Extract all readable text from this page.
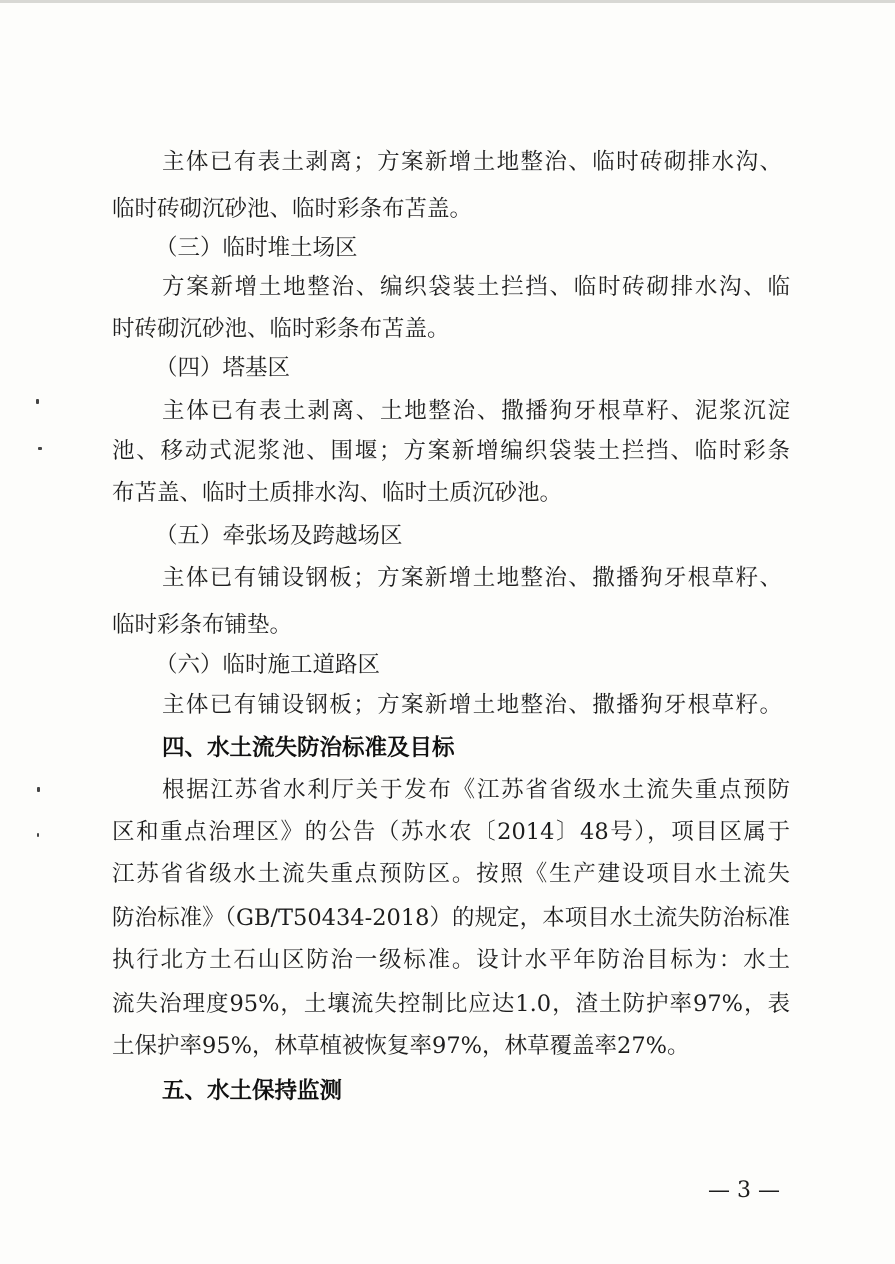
主体已有表土剥离；方案新增土地整治、临时砖砌排水沟、
临时砖砌沉砂池、临时彩条布苫盖。
（三）临时堆土场区
方案新增土地整治、编织袋装土拦挡、临时砖砌排水沟、临
时砖砌沉砂池、临时彩条布苫盖。
（四）塔基区
主体已有表土剥离、土地整治、撒播狗牙根草籽、泥浆沉淀
池、移动式泥浆池、围堰；方案新增编织袋装土拦挡、临时彩条
布苫盖、临时土质排水沟、临时土质沉砂池。
（五）牵张场及跨越场区
主体已有铺设钢板；方案新增土地整治、撒播狗牙根草籽、
临时彩条布铺垫。
（六）临时施工道路区
主体已有铺设钢板；方案新增土地整治、撒播狗牙根草籽。
四、水土流失防治标准及目标
根据江苏省水利厅关于发布《江苏省省级水土流失重点预防
区和重点治理区》的公告（苏水农〔2014〕48号），项目区属于
江苏省省级水土流失重点预防区。按照《生产建设项目水土流失
防治标准》（GB/T50434-2018）的规定，本项目水土流失防治标准
执行北方土石山区防治一级标准。设计水平年防治目标为：水土
流失治理度95%，土壤流失控制比应达1.0，渣土防护率97%，表
土保护率95%，林草植被恢复率97%，林草覆盖率27%。
五、水土保持监测
— 3 —
